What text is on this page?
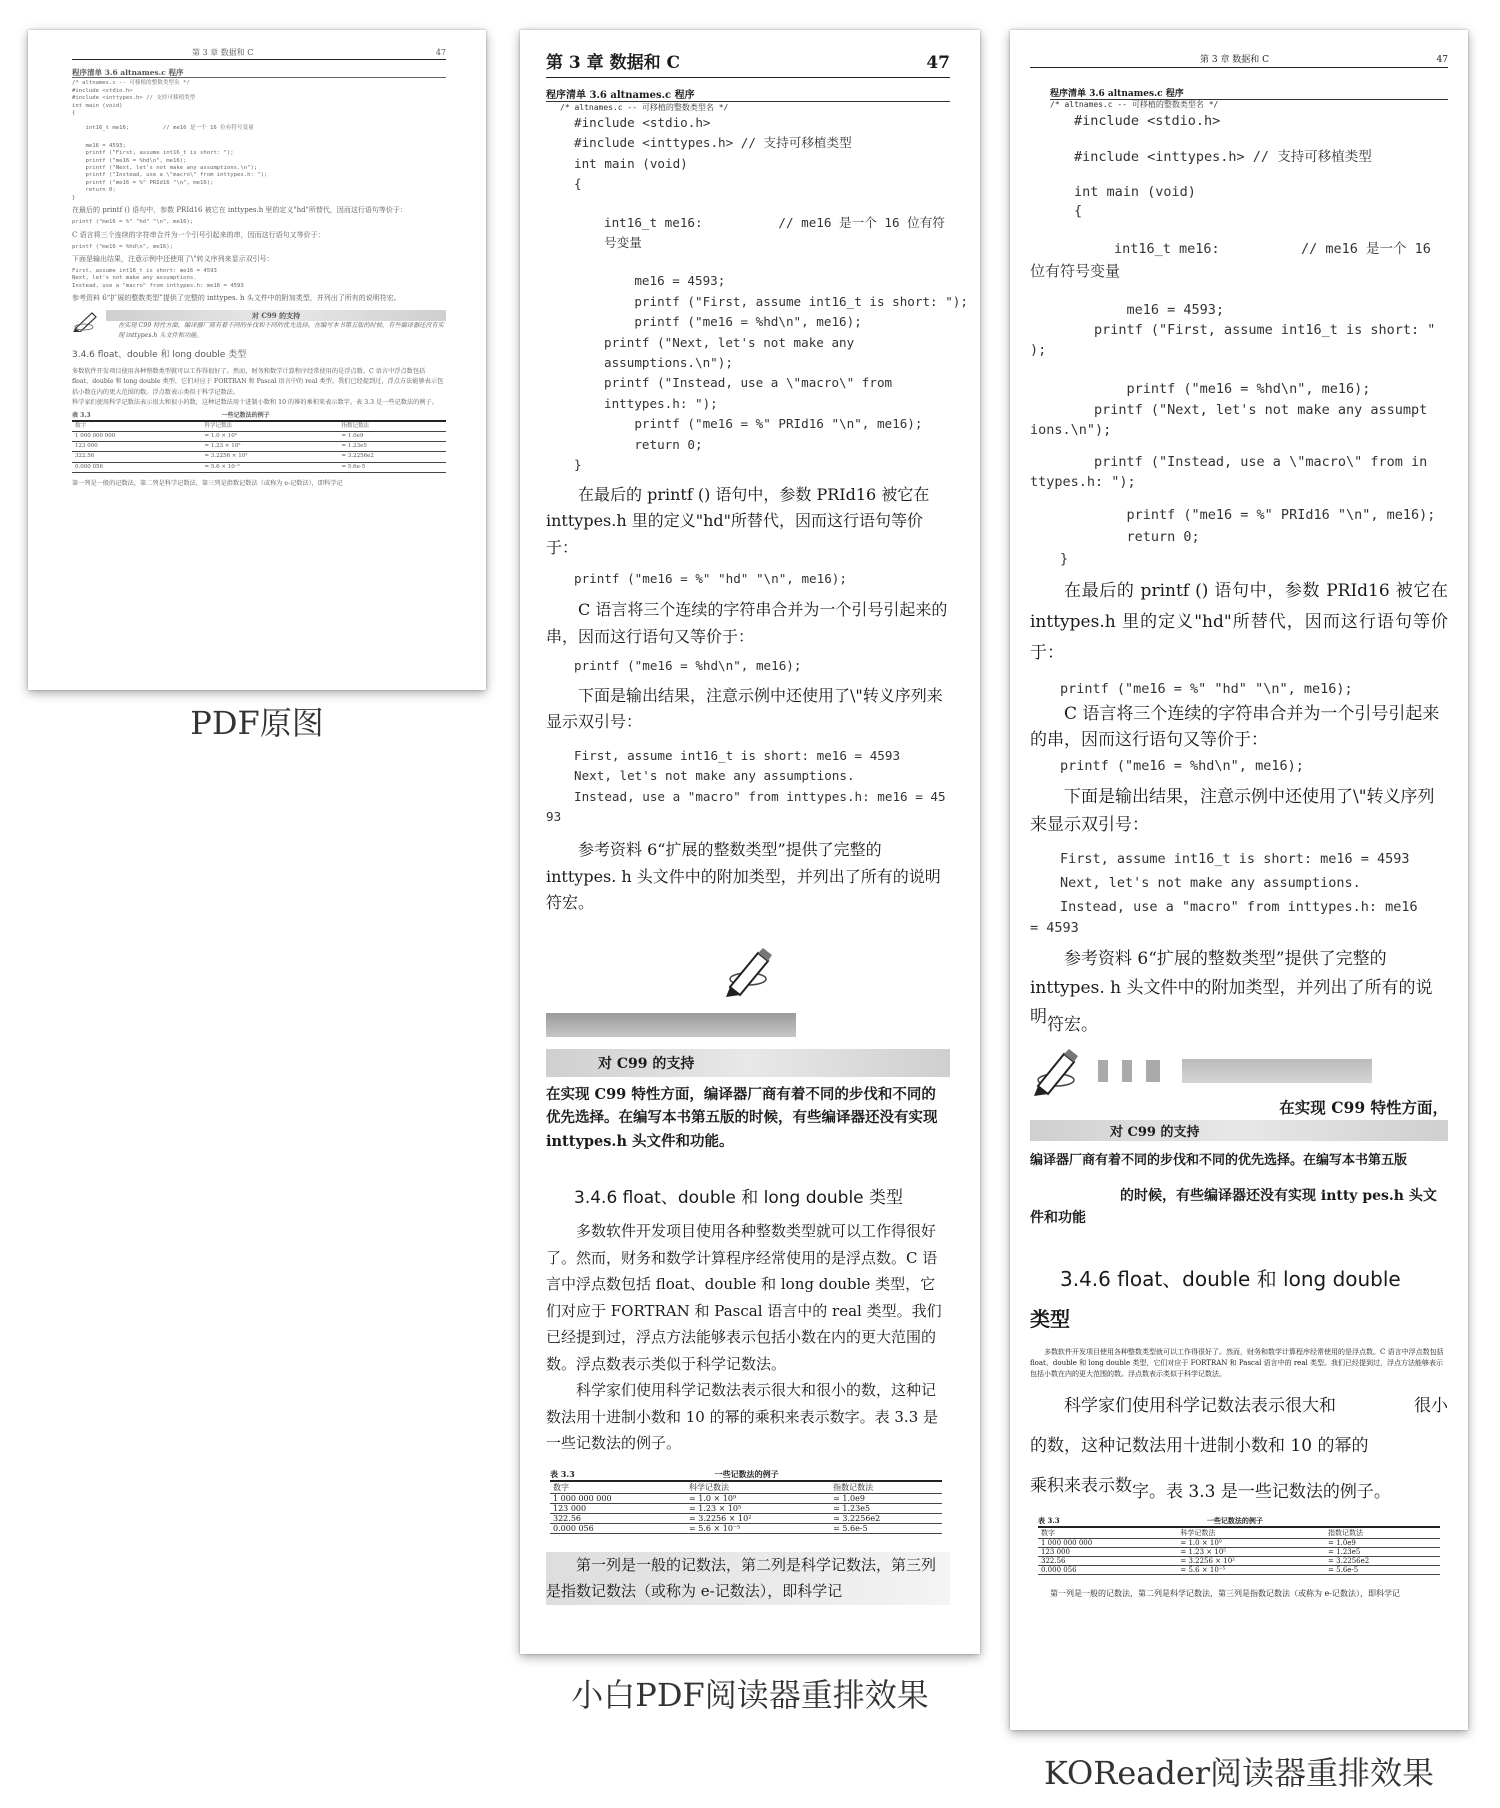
第 3 章 数据和 C	47
程序清单 3.6 altnames.c 程序
/* altnames.c -- 可移植的整数类型名 */
#include <stdio.h>
#include <inttypes.h> // 支持可移植类型
int main (void)
{
int16_t me16;          // me16 是一个 16 位有符号变量
me16 = 4593;
printf ("First, assume int16_t is short: ");
printf ("me16 = %hd\n", me16);
printf ("Next, let's not make any assumptions.\n");
printf ("Instead, use a \"macro\" from inttypes.h: ");
printf ("me16 = %" PRId16 "\n", me16);
return 0;
}

在最后的 printf () 语句中，参数 PRId16 被它在 inttypes.h 里的定义"hd"所替代，因而这行语句等价于：

printf ("me16 = %" "hd" "\n", me16);

C 语言将三个连续的字符串合并为一个引号引起来的串，因而这行语句又等价于：

printf ("me16 = %hd\n", me16);

下面是输出结果，注意示例中还使用了\"转义序列来显示双引号：

First, assume int16_t is short: me16 = 4593
Next, let's not make any assumptions.
Instead, use a "macro" from inttypes.h: me16 = 4593

参考资料 6“扩展的整数类型”提供了完整的 inttypes. h 头文件中的附加类型，并列出了所有的说明符宏。

对 C99 的支持

在实现 C99 特性方面，编译器厂商有着不同的步伐和不同的优先选择。在编写本书第五版的时候，有些编译器还没有实现 inttypes.h 头文件和功能。

3.4.6 float、double 和 long double 类型

多数软件开发项目使用各种整数类型就可以工作得很好了。然而，财务和数学计算程序经常使用的是浮点数。C 语言中浮点数包括 float、double 和 long double 类型，它们对应于 FORTRAN 和 Pascal 语言中的 real 类型。我们已经提到过，浮点方法能够表示包括小数在内的更大范围的数。浮点数表示类似于科学记数法。

科学家们使用科学记数法表示很大和很小的数，这种记数法用十进制小数和 10 的幂的乘积来表示数字。表 3.3 是一些记数法的例子。

表 3.3	一些记数法的例子
数字	科学记数法	指数记数法
1 000 000 000	= 1.0 × 10⁹	= 1.0e9
123 000	= 1.23 × 10⁵	= 1.23e5
322.56	= 3.2256 × 10²	= 3.2256e2
0.000 056	= 5.6 × 10⁻⁵	= 5.6e-5

第一列是一般的记数法，第二列是科学记数法，第三列是指数记数法（或称为 e-记数法），即科学记

PDF原图
第 3 章 数据和 C	47
程序清单 3.6 altnames.c 程序
/* altnames.c -- 可移植的整数类型名 */
#include <stdio.h>
#include <inttypes.h> // 支持可移植类型
int main (void)
{
int16_t me16:          // me16 是一个 16 位有符
号变量
me16 = 4593;
printf ("First, assume int16_t is short: ");
printf ("me16 = %hd\n", me16);
printf ("Next, let's not make any
assumptions.\n");
printf ("Instead, use a \"macro\" from
inttypes.h: ");
printf ("me16 = %" PRId16 "\n", me16);
return 0;
}

在最后的 printf () 语句中，参数 PRId16 被它在 inttypes.h 里的定义"hd"所替代，因而这行语句等价于：

printf ("me16 = %" "hd" "\n", me16);

C 语言将三个连续的字符串合并为一个引号引起来的串，因而这行语句又等价于：

printf ("me16 = %hd\n", me16);

下面是输出结果，注意示例中还使用了\"转义序列来显示双引号：

First, assume int16_t is short: me16 = 4593
Next, let's not make any assumptions.
Instead, use a "macro" from inttypes.h: me16 = 45
93

参考资料 6“扩展的整数类型”提供了完整的 inttypes. h 头文件中的附加类型，并列出了所有的说明符宏。

对 C99 的支持

在实现 C99 特性方面，编译器厂商有着不同的步伐和不同的优先选择。在编写本书第五版的时候，有些编译器还没有实现 inttypes.h 头文件和功能。

3.4.6 float、double 和 long double 类型

多数软件开发项目使用各种整数类型就可以工作得很好了。然而，财务和数学计算程序经常使用的是浮点数。C 语言中浮点数包括 float、double 和 long double 类型，它们对应于 FORTRAN 和 Pascal 语言中的 real 类型。我们已经提到过，浮点方法能够表示包括小数在内的更大范围的数。浮点数表示类似于科学记数法。

科学家们使用科学记数法表示很大和很小的数，这种记数法用十进制小数和 10 的幂的乘积来表示数字。表 3.3 是一些记数法的例子。

表 3.3	一些记数法的例子
数字	科学记数法	指数记数法
1 000 000 000	= 1.0 × 10⁹	= 1.0e9
123 000	= 1.23 × 10⁵	= 1.23e5
322.56	= 3.2256 × 10²	= 3.2256e2
0.000 056	= 5.6 × 10⁻⁵	= 5.6e-5

第一列是一般的记数法，第二列是科学记数法，第三列是指数记数法（或称为 e-记数法），即科学记

小白PDF阅读器重排效果
第 3 章 数据和 C	47
程序清单 3.6 altnames.c 程序
/* altnames.c -- 可移植的整数类型名 */
#include <stdio.h>
#include <inttypes.h> // 支持可移植类型
int main (void)
{
int16_t me16:          // me16 是一个 16
位有符号变量
me16 = 4593;
printf ("First, assume int16_t is short: "
);
printf ("me16 = %hd\n", me16);
printf ("Next, let's not make any assumpt
ions.\n");
printf ("Instead, use a \"macro\" from in
ttypes.h: ");
printf ("me16 = %" PRId16 "\n", me16);
return 0;
}

在最后的 printf () 语句中，参数 PRId16 被它在 inttypes.h 里的定义"hd"所替代，因而这行语句等价于：

printf ("me16 = %" "hd" "\n", me16);

C 语言将三个连续的字符串合并为一个引号引起来的串，因而这行语句又等价于：

printf ("me16 = %hd\n", me16);

下面是输出结果，注意示例中还使用了\"转义序列来显示双引号：

First, assume int16_t is short: me16 = 4593
Next, let's not make any assumptions.
Instead, use a "macro" from inttypes.h: me16
= 4593

参考资料 6“扩展的整数类型”提供了完整的 inttypes. h 头文件中的附加类型，并列出了所有的说明符宏。

在实现 C99 特性方面，
对 C99 的支持

编译器厂商有着不同的步伐和不同的优先选择。在编写本书第五版

的时候，有些编译器还没有实现 intty pes.h 头文件和功能

3.4.6 float、double 和 long double
类型

多数软件开发项目使用各种整数类型就可以工作得很好了。然而，财务和数学计算程序经常使用的是浮点数。C 语言中浮点数包括 float、double 和 long double 类型，它们对应于 FORTRAN 和 Pascal 语言中的 real 类型。我们已经提到过，浮点方法能够表示包括小数在内的更大范围的数。浮点数表示类似于科学记数法。

科学家们使用科学记数法表示很大和	很小

的数，这种记数法用十进制小数和 10 的幂的
乘积来表示数字。表 3.3 是一些记数法的例子。

表 3.3	一些记数法的例子
数字	科学记数法	指数记数法
1 000 000 000	= 1.0 × 10⁹	= 1.0e9
123 000	= 1.23 × 10⁵	= 1.23e5
322.56	= 3.2256 × 10²	= 3.2256e2
0.000 056	= 5.6 × 10⁻⁵	= 5.6e-5

第一列是一般的记数法，第二列是科学记数法，第三列是指数记数法（或称为 e-记数法），即科学记

KOReader阅读器重排效果
